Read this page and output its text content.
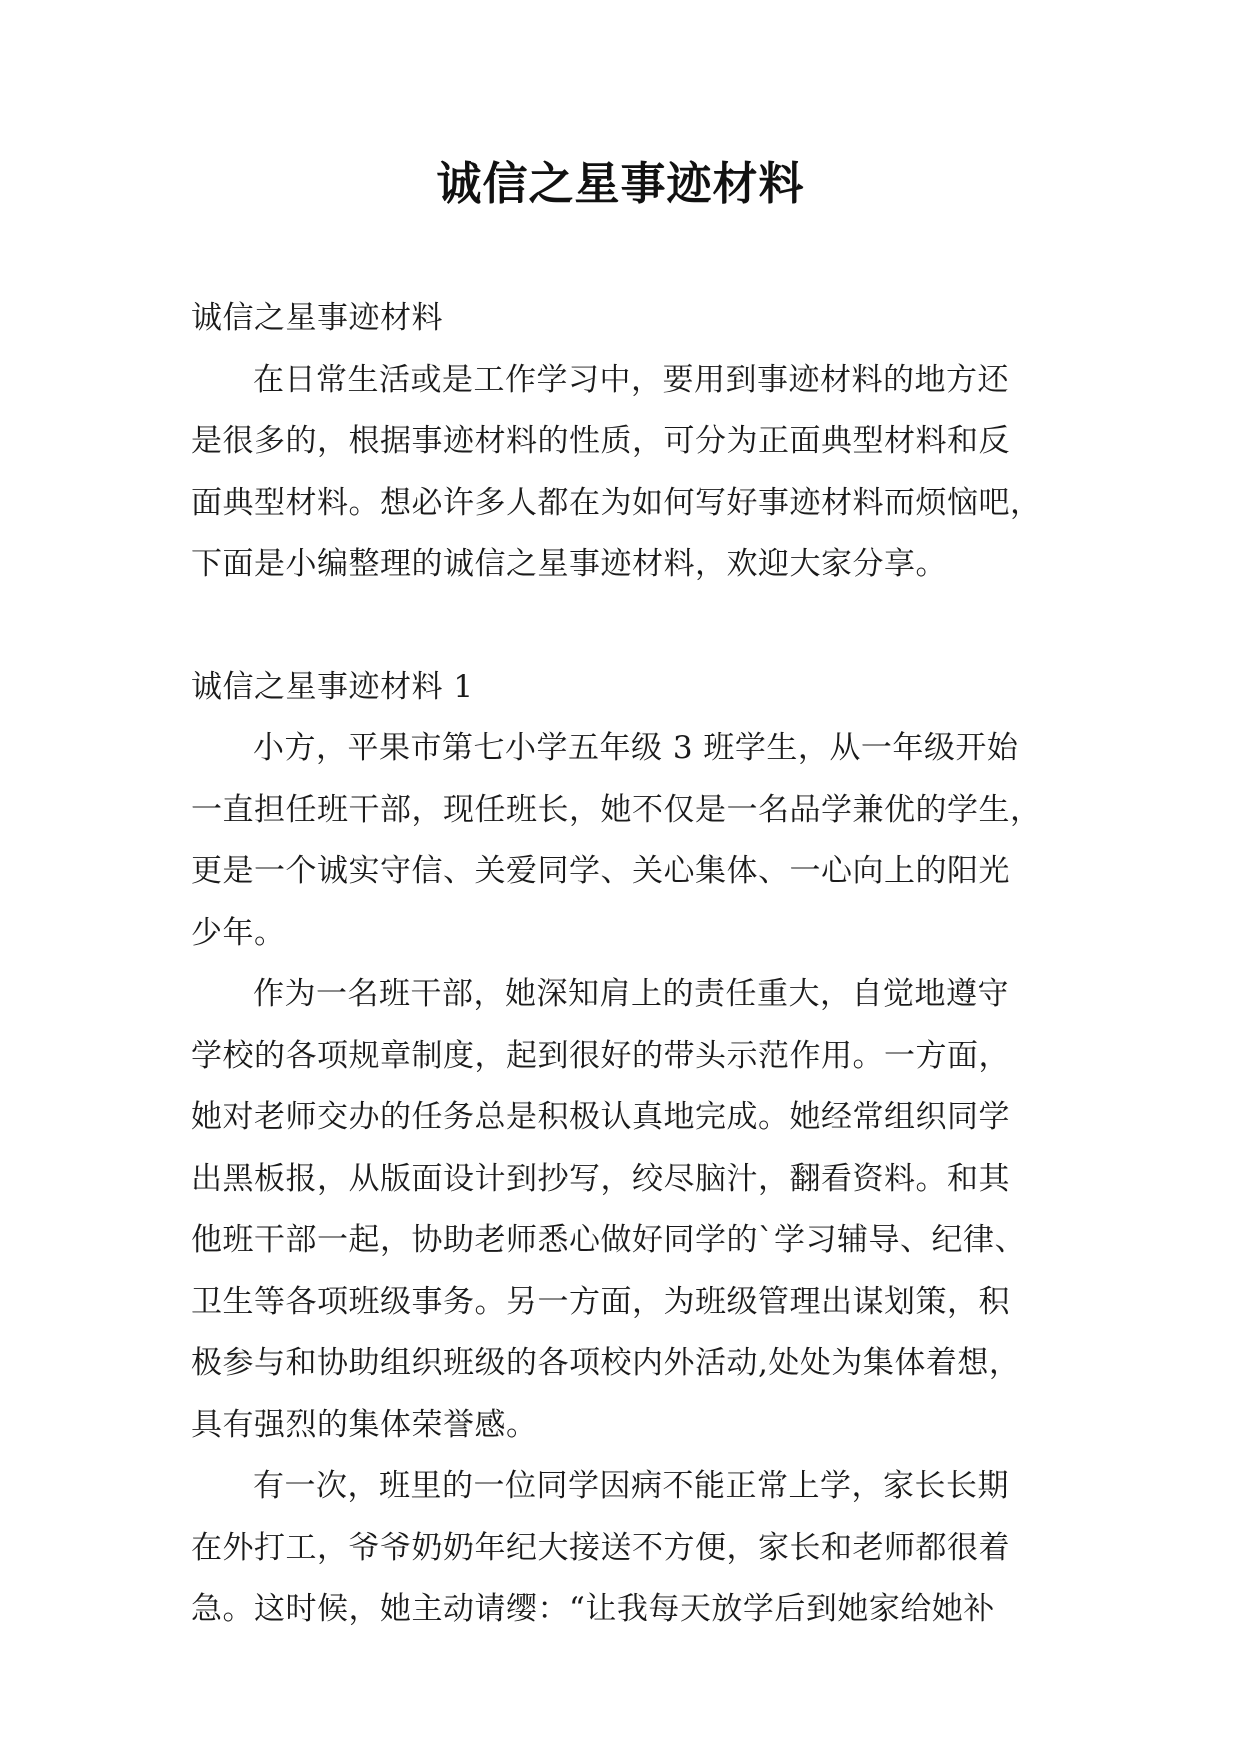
诚信之星事迹材料

诚信之星事迹材料

在日常生活或是工作学习中，要用到事迹材料的地方还
是很多的，根据事迹材料的性质，可分为正面典型材料和反
面典型材料。想必许多人都在为如何写好事迹材料而烦恼吧，
下面是小编整理的诚信之星事迹材料，欢迎大家分享。

诚信之星事迹材料 1

小方，平果市第七小学五年级 3 班学生，从一年级开始
一直担任班干部，现任班长，她不仅是一名品学兼优的学生，
更是一个诚实守信、关爱同学、关心集体、一心向上的阳光
少年。

作为一名班干部，她深知肩上的责任重大，自觉地遵守
学校的各项规章制度，起到很好的带头示范作用。一方面，
她对老师交办的任务总是积极认真地完成。她经常组织同学
出黑板报，从版面设计到抄写，绞尽脑汁，翻看资料。和其
他班干部一起，协助老师悉心做好同学的`学习辅导、纪律、
卫生等各项班级事务。另一方面，为班级管理出谋划策，积
极参与和协助组织班级的各项校内外活动,处处为集体着想，
具有强烈的集体荣誉感。

有一次，班里的一位同学因病不能正常上学，家长长期
在外打工，爷爷奶奶年纪大接送不方便，家长和老师都很着
急。这时候，她主动请缨：“让我每天放学后到她家给她补
